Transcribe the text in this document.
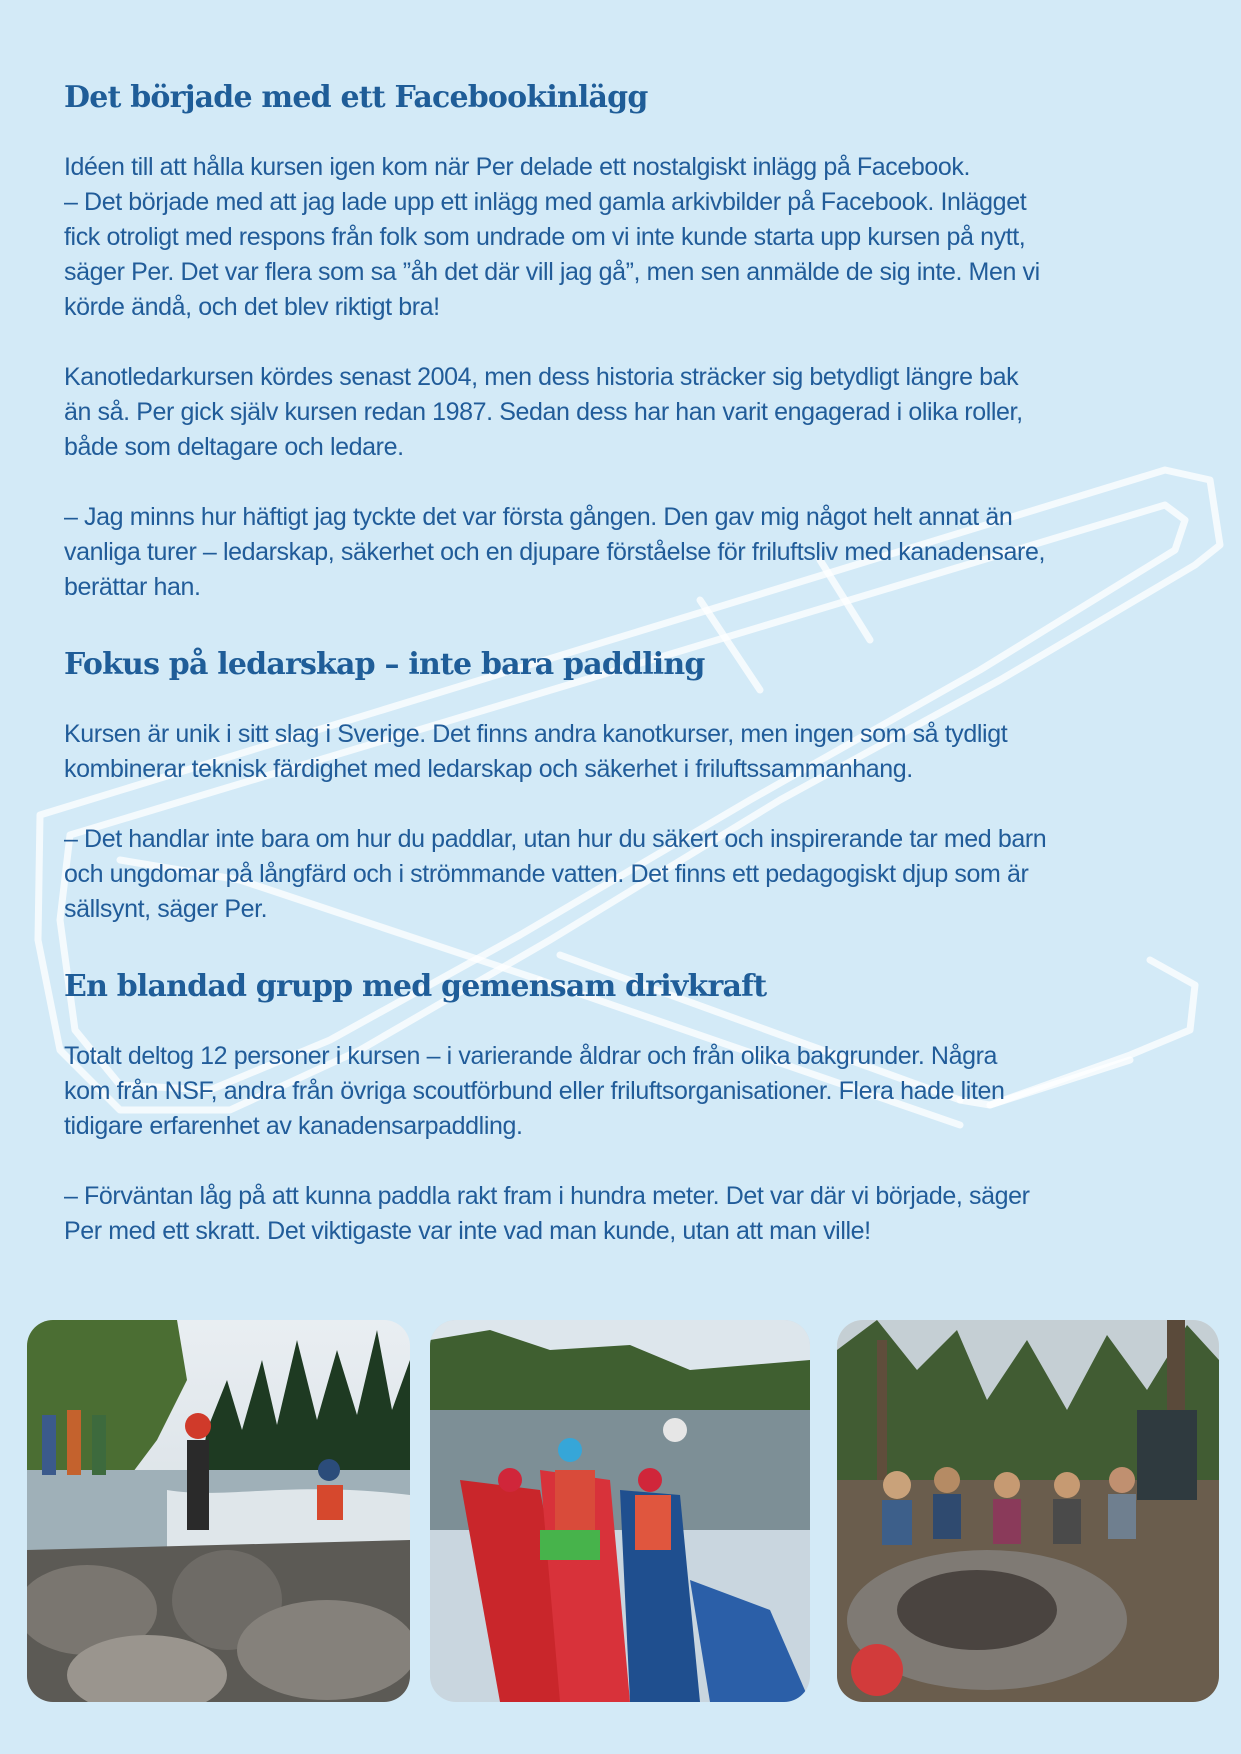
Det började med ett Facebookinlägg

Idéen till att hålla kursen igen kom när Per delade ett nostalgiskt inlägg på Facebook.
– Det började med att jag lade upp ett inlägg med gamla arkivbilder på Facebook. Inlägget
fick otroligt med respons från folk som undrade om vi inte kunde starta upp kursen på nytt,
säger Per. Det var flera som sa ”åh det där vill jag gå”, men sen anmälde de sig inte. Men vi
körde ändå, och det blev riktigt bra!

Kanotledarkursen kördes senast 2004, men dess historia sträcker sig betydligt längre bak
än så. Per gick själv kursen redan 1987. Sedan dess har han varit engagerad i olika roller,
både som deltagare och ledare.

– Jag minns hur häftigt jag tyckte det var första gången. Den gav mig något helt annat än
vanliga turer – ledarskap, säkerhet och en djupare förståelse för friluftsliv med kanadensare,
berättar han.

Fokus på ledarskap – inte bara paddling

Kursen är unik i sitt slag i Sverige. Det finns andra kanotkurser, men ingen som så tydligt
kombinerar teknisk färdighet med ledarskap och säkerhet i friluftssammanhang.

– Det handlar inte bara om hur du paddlar, utan hur du säkert och inspirerande tar med barn
och ungdomar på långfärd och i strömmande vatten. Det finns ett pedagogiskt djup som är
sällsynt, säger Per.

En blandad grupp med gemensam drivkraft

Totalt deltog 12 personer i kursen – i varierande åldrar och från olika bakgrunder. Några
kom från NSF, andra från övriga scoutförbund eller friluftsorganisationer. Flera hade liten
tidigare erfarenhet av kanadensarpaddling.

– Förväntan låg på att kunna paddla rakt fram i hundra meter. Det var där vi började, säger
Per med ett skratt. Det viktigaste var inte vad man kunde, utan att man ville!
